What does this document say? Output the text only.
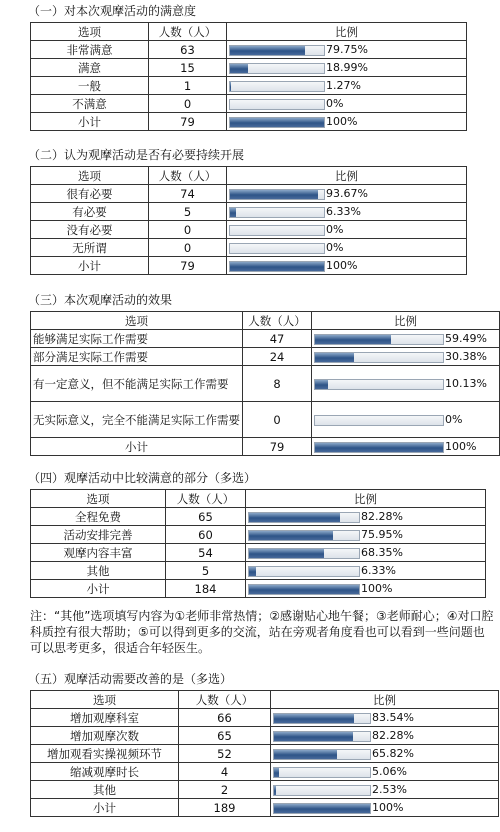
（一）对本次观摩活动的满意度
选项	人数（人）	比例
非常满意	63	79.75%

满意	15	18.99%

一般	1	1.27%

不满意	0	0%

小计	79	100%
（二）认为观摩活动是否有必要持续开展
选项	人数（人）	比例
很有必要	74	93.67%

有必要	5	6.33%

没有必要	0	0%

无所谓	0	0%

小计	79	100%
（三）本次观摩活动的效果
选项	人数（人）	比例
能够满足实际工作需要	47	59.49%

部分满足实际工作需要	24	30.38%

有一定意义，但不能满足实际工作需要	8	10.13%

无实际意义，完全不能满足实际工作需要	0	0%

小计	79	100%
（四）观摩活动中比较满意的部分（多选）
选项	人数（人）	比例
全程免费	65	82.28%

活动安排完善	60	75.95%

观摩内容丰富	54	68.35%

其他	5	6.33%

小计	184	100%
（五）观摩活动需要改善的是（多选）
选项	人数（人）	比例
增加观摩科室	66	83.54%

增加观摩次数	65	82.28%

增加观看实操视频环节	52	65.82%

缩减观摩时长	4	5.06%

其他	2	2.53%

小计	189	100%
注：“其他”选项填写内容为①老师非常热情；②感谢贴心地午餐；③老师耐心；④对口腔科质控有很大帮助；⑤可以得到更多的交流，站在旁观者角度看也可以看到一些问题也可以思考更多，很适合年轻医生。
